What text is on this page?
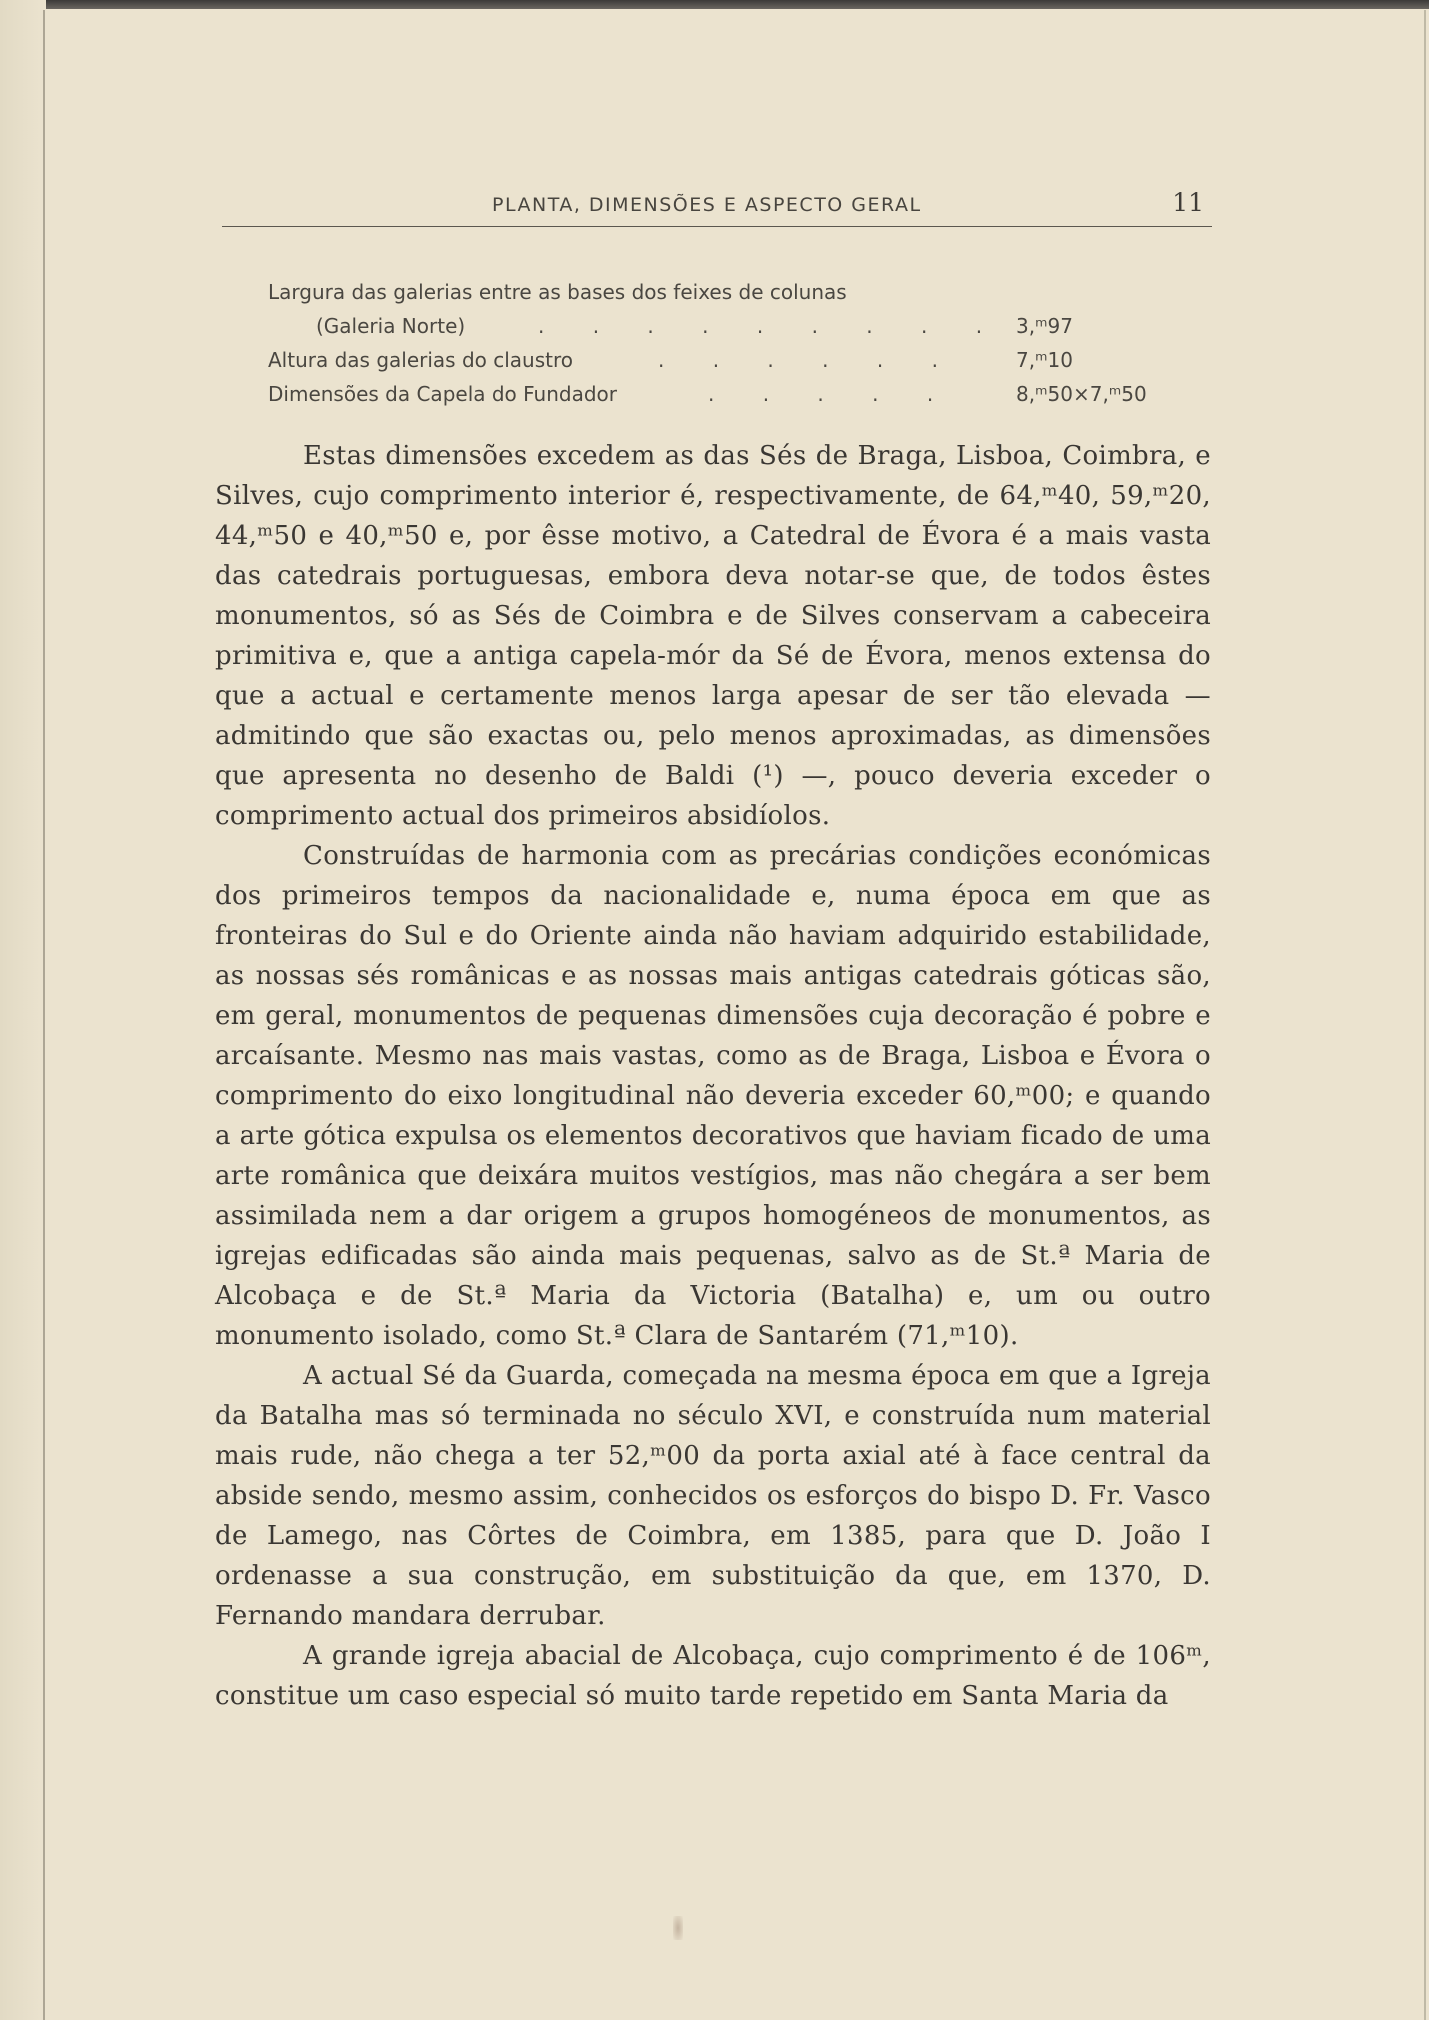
PLANTA, DIMENSÕES E ASPECTO GERAL	11
Largura das galerias entre as bases dos feixes de colunas
(Galeria Norte)	. . . . . . . . . 3,ᵐ97
Altura das galerias do claustro	. . . . . .	7,ᵐ10
Dimensões da Capela do Fundador	. . . . .	8,ᵐ50×7,ᵐ50

Estas dimensões excedem as das Sés de Braga, Lisboa, Coimbra, e Silves, cujo comprimento interior é, respectivamente, de 64,ᵐ40, 59,ᵐ20, 44,ᵐ50 e 40,ᵐ50 e, por êsse motivo, a Catedral de Évora é a mais vasta das catedrais portuguesas, embora deva notar-se que, de todos êstes monumentos, só as Sés de Coimbra e de Silves conservam a cabeceira primitiva e, que a antiga capela-mór da Sé de Évora, menos extensa do que a actual e certamente menos larga apesar de ser tão elevada — admitindo que são exactas ou, pelo menos aproximadas, as dimensões que apresenta no desenho de Baldi (¹) —, pouco deveria exceder o comprimento actual dos primeiros absidíolos.

Construídas de harmonia com as precárias condições económicas dos primeiros tempos da nacionalidade e, numa época em que as fronteiras do Sul e do Oriente ainda não haviam adquirido estabilidade, as nossas sés românicas e as nossas mais antigas catedrais góticas são, em geral, monumentos de pequenas dimensões cuja decoração é pobre e arcaísante. Mesmo nas mais vastas, como as de Braga, Lisboa e Évora o comprimento do eixo longitudinal não deveria exceder 60,ᵐ00; e quando a arte gótica expulsa os elementos decorativos que haviam ficado de uma arte românica que deixára muitos vestígios, mas não chegára a ser bem assimilada nem a dar origem a grupos homogéneos de monumentos, as igrejas edificadas são ainda mais pequenas, salvo as de St.ª Maria de Alcobaça e de St.ª Maria da Victoria (Batalha) e, um ou outro monumento isolado, como St.ª Clara de Santarém (71,ᵐ10).

A actual Sé da Guarda, começada na mesma época em que a Igreja da Batalha mas só terminada no século XVI, e construída num material mais rude, não chega a ter 52,ᵐ00 da porta axial até à face central da abside sendo, mesmo assim, conhecidos os esforços do bispo D. Fr. Vasco de Lamego, nas Côrtes de Coimbra, em 1385, para que D. João I ordenasse a sua construção, em substituição da que, em 1370, D. Fernando mandara derrubar.

A grande igreja abacial de Alcobaça, cujo comprimento é de 106ᵐ, constitue um caso especial só muito tarde repetido em Santa Maria da
